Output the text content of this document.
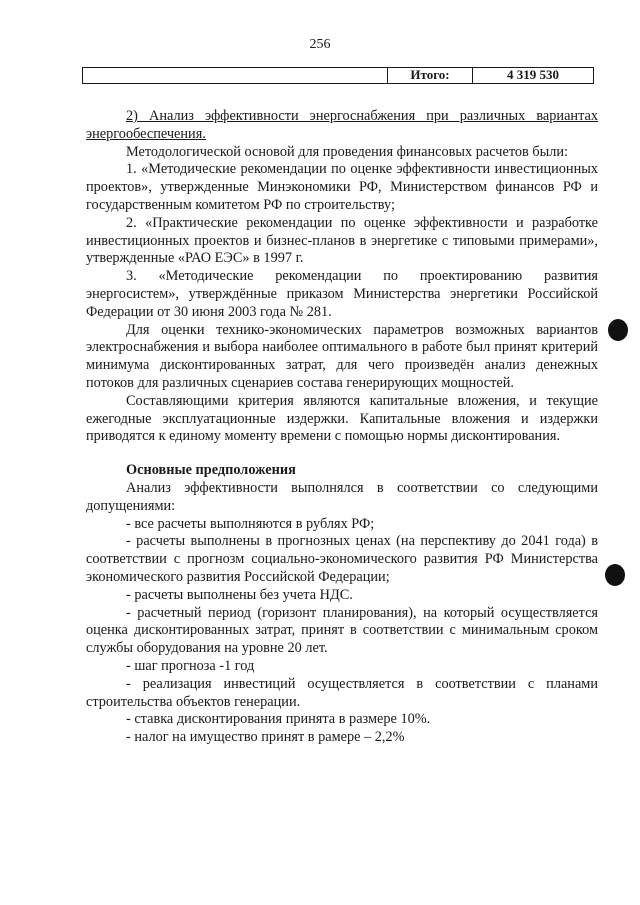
256
Итого:	4 319 530

2) Анализ эффективности энергоснабжения при различных вариантах энергообеспечения.

Методологической основой для проведения финансовых расчетов были:

1. «Методические рекомендации по оценке эффективности инвестиционных проектов», утвержденные Минэкономики РФ, Министерством финансов РФ и государственным комитетом РФ по строительству;

2. «Практические рекомендации по оценке эффективности и разработке инвестиционных проектов и бизнес-планов в энергетике с типовыми примерами», утвержденные «РАО ЕЭС» в 1997 г.

3. «Методические рекомендации по проектированию развития энергосистем», утверждённые приказом Министерства энергетики Российской Федерации от 30 июня 2003 года № 281.

Для оценки технико-экономических параметров возможных вариантов электроснабжения и выбора наиболее оптимального в работе был принят критерий минимума дисконтированных затрат, для чего произведён анализ денежных потоков для различных сценариев состава генерирующих мощностей.

Составляющими критерия являются капитальные вложения, и текущие ежегодные эксплуатационные издержки. Капитальные вложения и издержки приводятся к единому моменту времени с помощью нормы дисконтирования.

Основные предположения

Анализ эффективности выполнялся в соответствии со следующими допущениями:

- все расчеты выполняются в рублях РФ;

- расчеты выполнены в прогнозных ценах (на перспективу до 2041 года) в соответствии с прогнозм социально-экономического развития РФ Министерства экономического развития Российской Федерации;

- расчеты выполнены без учета НДС.

- расчетный период (горизонт планирования), на который осуществляется оценка дисконтированных затрат, принят в соответствии с минимальным сроком службы оборудования на уровне 20 лет.

- шаг прогноза -1 год

- реализация инвестиций осуществляется в соответствии с планами строительства объектов генерации.

- ставка дисконтирования принята в размере 10%.

- налог на имущество принят в рамере – 2,2%
